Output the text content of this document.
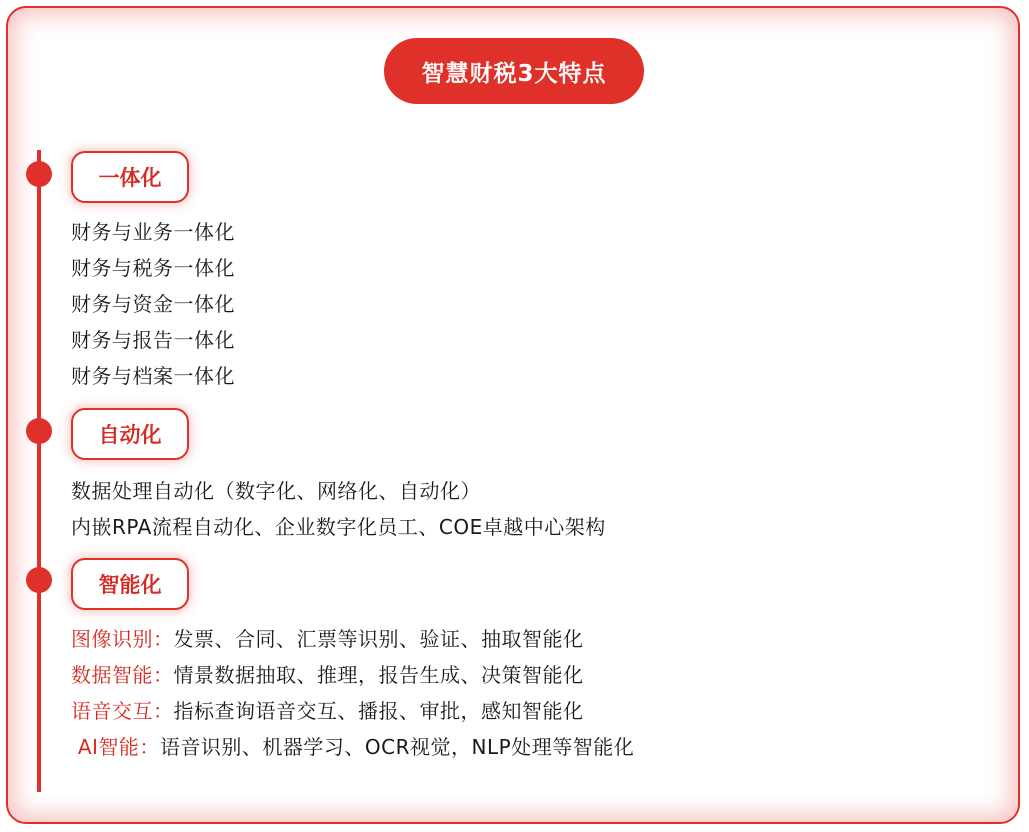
智慧财税3大特点
一体化
财务与业务一体化
财务与税务一体化
财务与资金一体化
财务与报告一体化
财务与档案一体化
自动化
数据处理自动化（数字化、网络化、自动化）
内嵌RPA流程自动化、企业数字化员工、COE卓越中心架构
智能化
图像识别：发票、合同、汇票等识别、验证、抽取智能化
数据智能：情景数据抽取、推理，报告生成、决策智能化
语音交互：指标查询语音交互、播报、审批，感知智能化
AI智能：语音识别、机器学习、OCR视觉，NLP处理等智能化
